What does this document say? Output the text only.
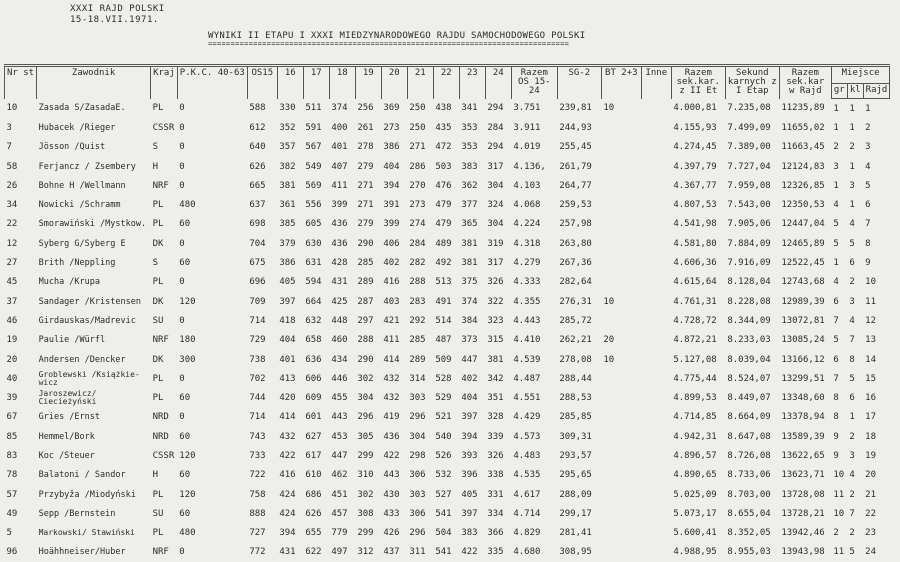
XXXI RAJD POLSKI
15-18.VII.1971.
WYNIKI II ETAPU I XXXI MIEDZYNARODOWEGO RAJDU SAMOCHODOWEGO POLSKI
================================================================================
Nr st	Zawodnik	Kraj	P.K.C. 40-63	OS15	16	17	18	19	20	21	22	23	24	Razem OS 15-24	SG-2	BT 2+3	Inne	Razem sek.kar. z II Et	Sekund karnych z I Etap	Razem sek.kar w Rajd	Miejsce		
																					gr	kl	Rajd
10	Zasada S/ZasadaE.	PL	0	588	330	511	374	256	369	250	438	341	294	3.751	239,81	10		4.000,81	7.235,08	11235,89	1	1	1
3	Hubacek /Rieger	CSSR	0	612	352	591	400	261	273	250	435	353	284	3.911	244,93			4.155,93	7.499,09	11655,02	1	1	2
7	Jösson /Quist	S	0	640	357	567	401	278	386	271	472	353	294	4.019	255,45			4.274,45	7.389,00	11663,45	2	2	3
58	Ferjancz / Zsembery	H	0	626	382	549	407	279	404	286	503	383	317	4.136,	261,79			4.397,79	7.727,04	12124,83	3	1	4
26	Bohne H /Wellmann	NRF	0	665	381	569	411	271	394	270	476	362	304	4.103	264,77			4.367,77	7.959,08	12326,85	1	3	5
34	Nowicki /Schramm	PL	480	637	361	556	399	271	391	273	479	377	324	4.068	259,53			4.807,53	7.543,00	12350,53	4	1	6
22	Smorawiński /Mystkow.	PL	60	698	385	605	436	279	399	274	479	365	304	4.224	257,98			4.541,98	7.905,06	12447,04	5	4	7
12	Syberg G/Syberg E	DK	0	704	379	630	436	290	406	284	489	381	319	4.318	263,80			4.581,80	7.884,09	12465,89	5	5	8
27	Brith /Neppling	S	60	675	386	631	428	285	402	282	492	381	317	4.279	267,36			4.606,36	7.916,09	12522,45	1	6	9
45	Mucha /Krupa	PL	0	696	405	594	431	289	416	288	513	375	326	4.333	282,64			4.615,64	8.128,04	12743,68	4	2	10
37	Sandager /Kristensen	DK	120	709	397	664	425	287	403	283	491	374	322	4.355	276,31	10		4.761,31	8.228,08	12989,39	6	3	11
46	Girdauskas/Madrevic	SU	0	714	418	632	448	297	421	292	514	384	323	4.443	285,72			4.728,72	8.344,09	13072,81	7	4	12
19	Paulie /Würfl	NRF	180	729	404	658	460	288	411	285	487	373	315	4.410	262,21	20		4.872,21	8.233,03	13085,24	5	7	13
20	Andersen /Dencker	DK	300	738	401	636	434	290	414	289	509	447	381	4.539	278,08	10		5.127,08	8.039,04	13166,12	6	8	14
40	Groblewski /Książkie- wicz	PL	0	702	413	606	446	302	432	314	528	402	342	4.487	288,44			4.775,44	8.524,07	13299,51	7	5	15
39	Jaroszewicz/ Ciecieżyński	PL	60	744	420	609	455	304	432	303	529	404	351	4.551	288,53			4.899,53	8.449,07	13348,60	8	6	16
67	Gries /Ernst	NRD	0	714	414	601	443	296	419	296	521	397	328	4.429	285,85			4.714,85	8.664,09	13378,94	8	1	17
85	Hemmel/Bork	NRD	60	743	432	627	453	305	436	304	540	394	339	4.573	309,31			4.942,31	8.647,08	13589,39	9	2	18
83	Koc /Steuer	CSSR	120	733	422	617	447	299	422	298	526	393	326	4.483	293,57			4.896,57	8.726,08	13622,65	9	3	19
78	Balatoni / Sandor	H	60	722	416	610	462	310	443	306	532	396	338	4.535	295,65			4.890,65	8.733,06	13623,71	10	4	20
57	Przybyža /Miodyński	PL	120	758	424	686	451	302	430	303	527	405	331	4.617	288,09			5.025,09	8.703,00	13728,08	11	2	21
49	Sepp /Bernstein	SU	60	888	424	626	457	308	433	306	541	397	334	4.714	299,17			5.073,17	8.655,04	13728,21	10	7	22
5	Markowski/ Stawiński	PL	480	727	394	655	779	299	426	296	504	383	366	4.829	281,41			5.600,41	8.352,05	13942,46	2	2	23
96	Hoähhneiser/Huber	NRF	0	772	431	622	497	312	437	311	541	422	335	4.680	308,95			4.988,95	8.955,03	13943,98	11	5	24
